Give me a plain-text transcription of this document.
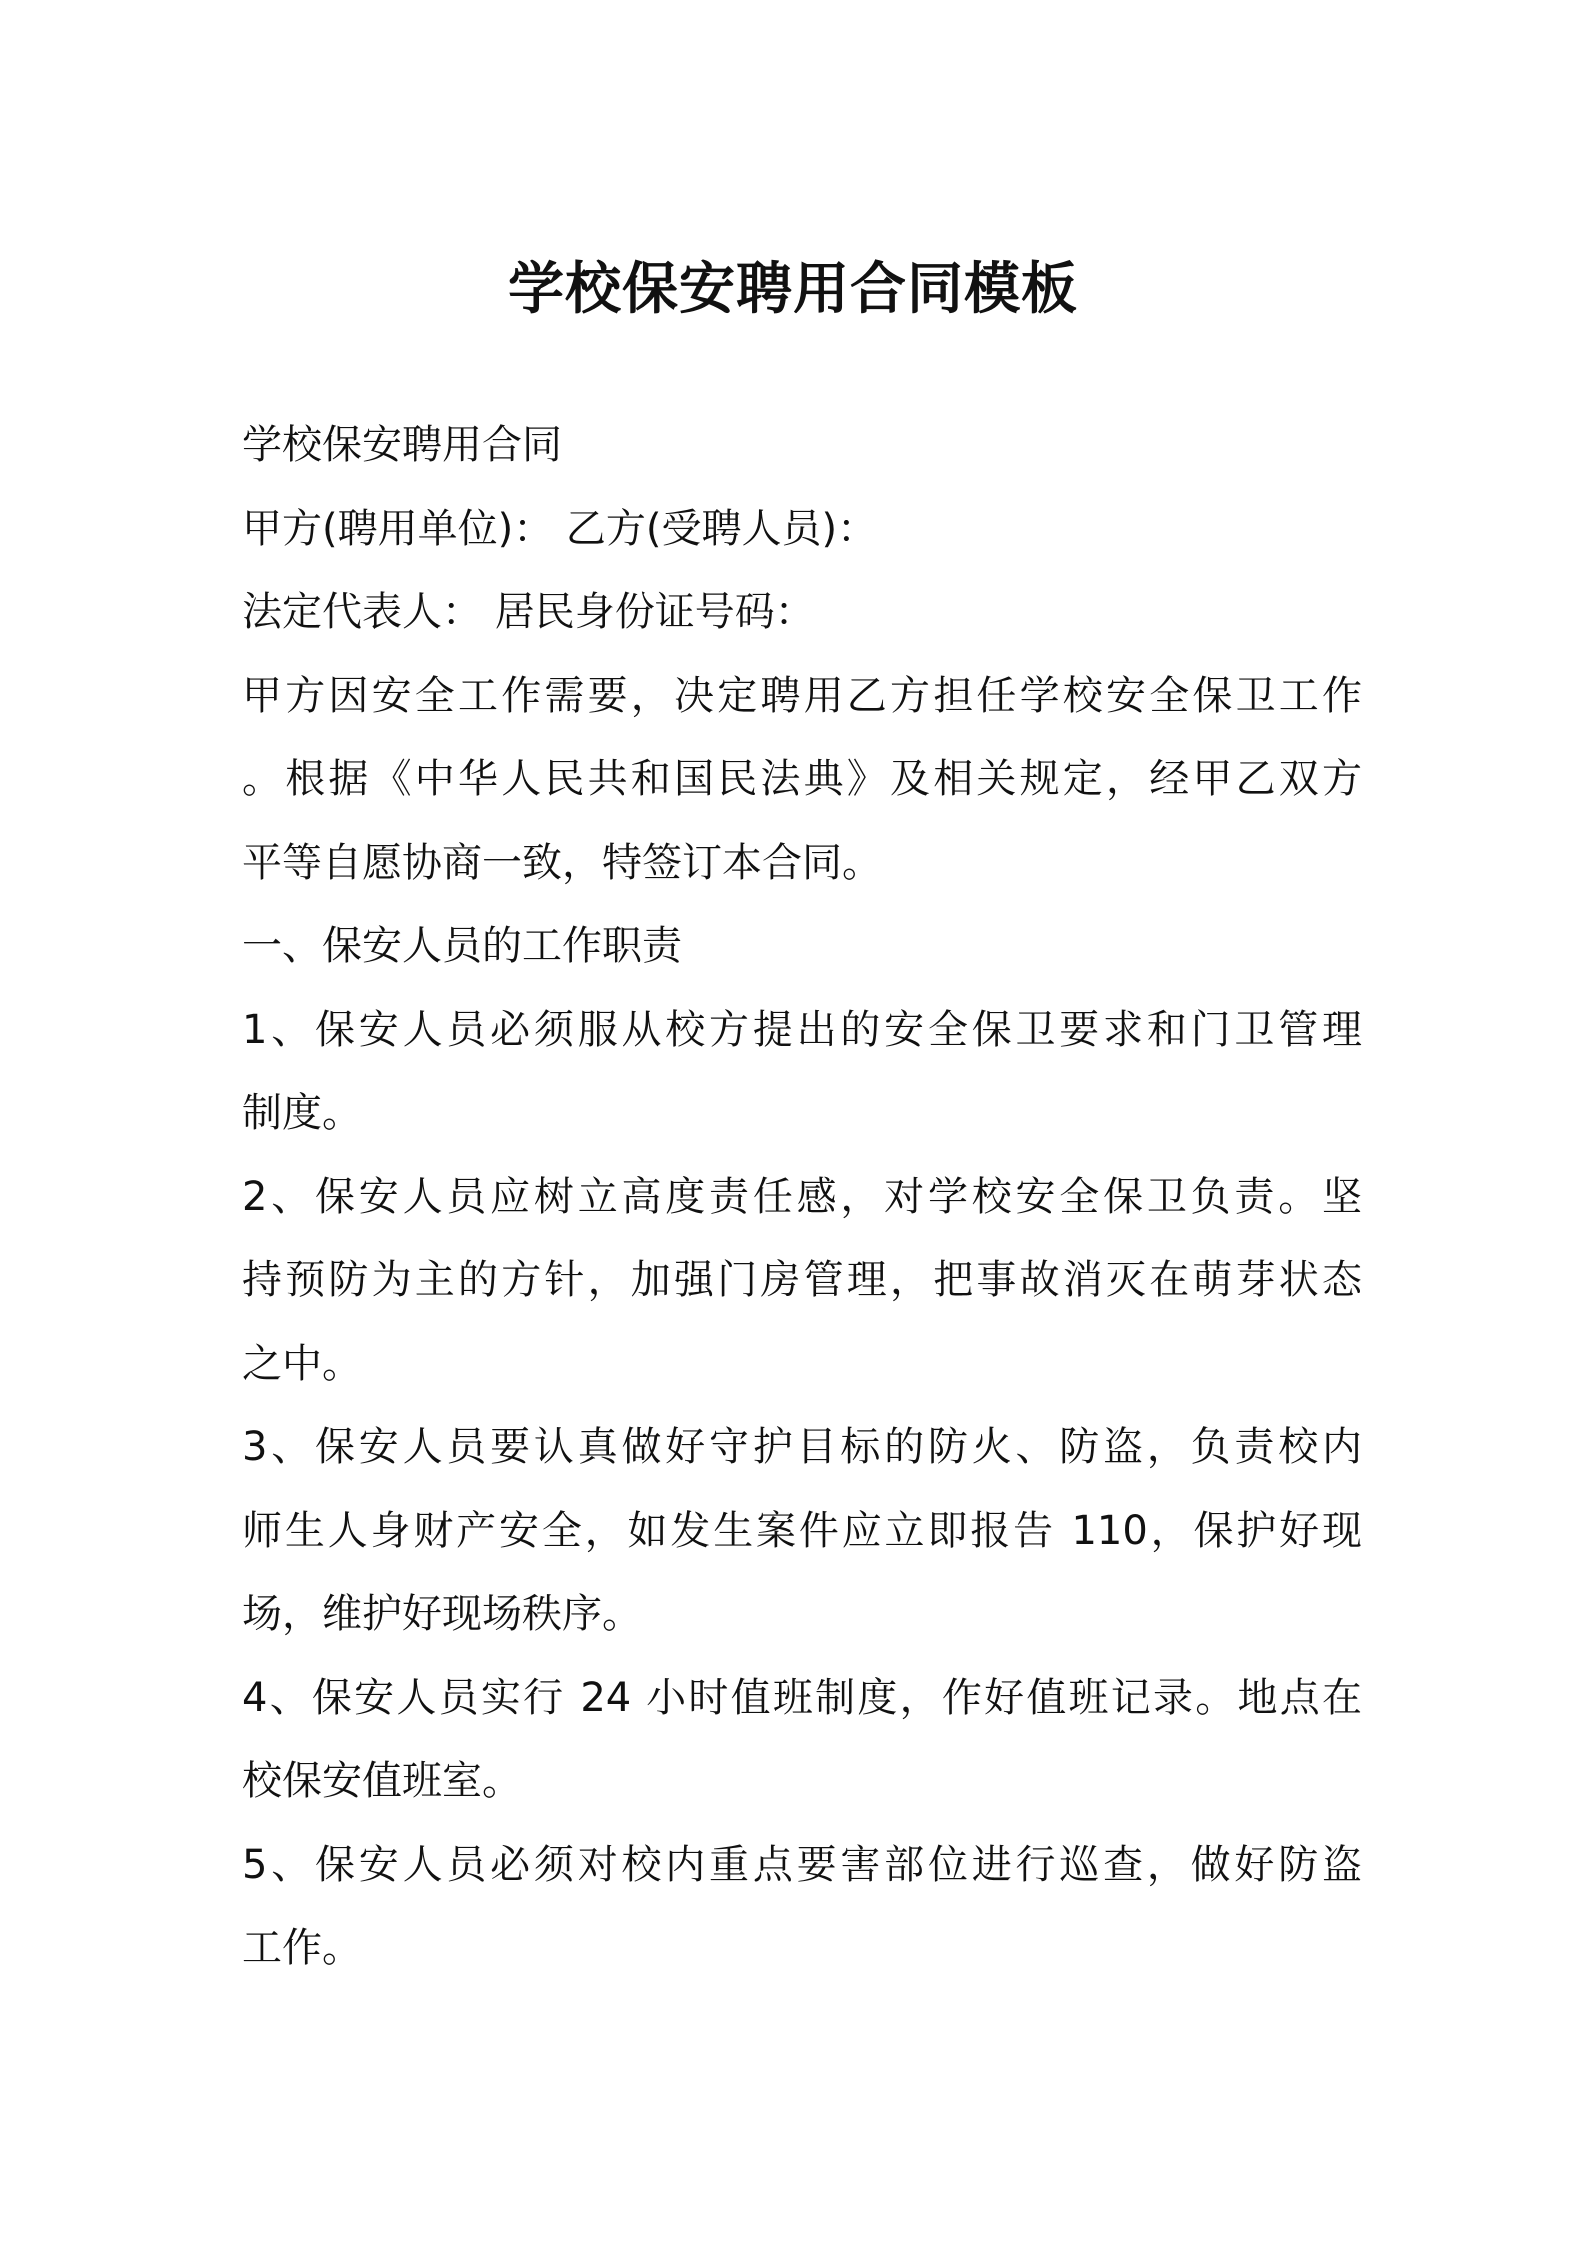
学校保安聘用合同模板
学校保安聘用合同
甲方(聘用单位)： 乙方(受聘人员)：
法定代表人： 居民身份证号码：
甲方因安全工作需要，决定聘用乙方担任学校安全保卫工作
。根据《中华人民共和国民法典》及相关规定，经甲乙双方
平等自愿协商一致，特签订本合同。
一、保安人员的工作职责
1、保安人员必须服从校方提出的安全保卫要求和门卫管理
制度。
2、保安人员应树立高度责任感，对学校安全保卫负责。坚
持预防为主的方针，加强门房管理，把事故消灭在萌芽状态
之中。
3、保安人员要认真做好守护目标的防火、防盗，负责校内
师生人身财产安全，如发生案件应立即报告 110，保护好现
场，维护好现场秩序。
4、保安人员实行 24 小时值班制度，作好值班记录。地点在
校保安值班室。
5、保安人员必须对校内重点要害部位进行巡查，做好防盗
工作。
